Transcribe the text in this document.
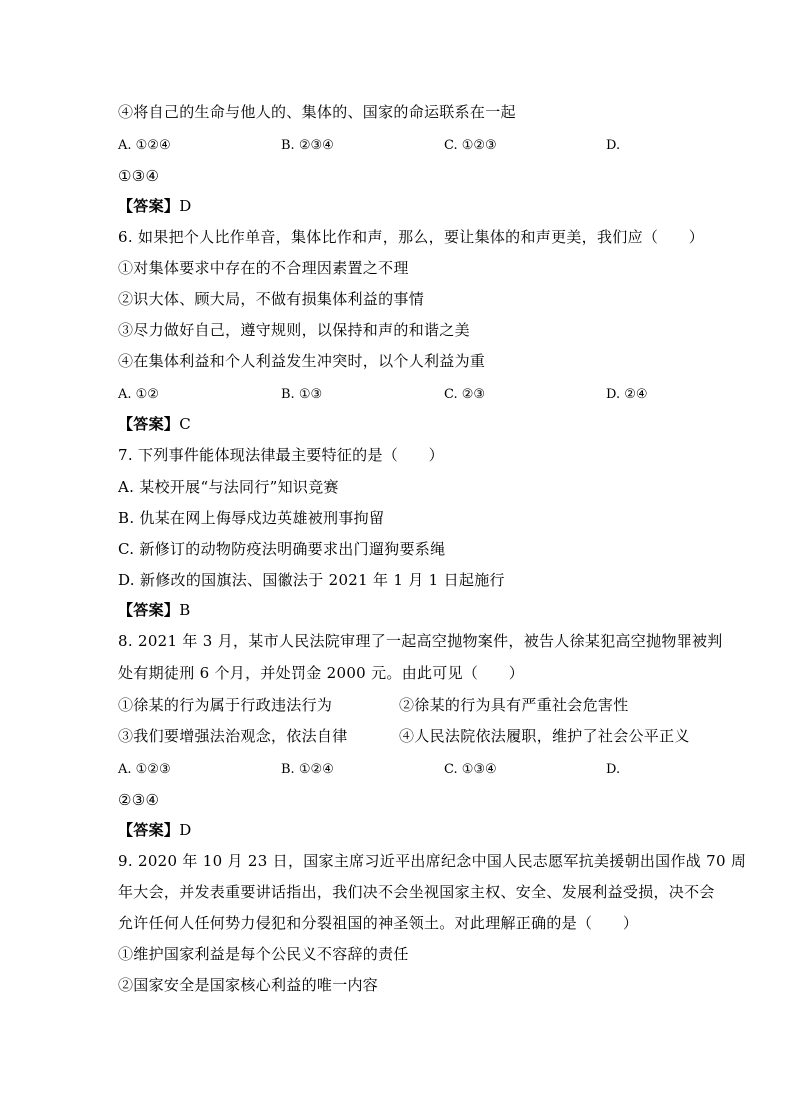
④将自己的生命与他人的、集体的、国家的命运联系在一起
A. ①②④	B. ②③④	C. ①②③	D.
①③④
【答案】D
6. 如果把个人比作单音，集体比作和声，那么，要让集体的和声更美，我们应（　　）
①对集体要求中存在的不合理因素置之不理
②识大体、顾大局，不做有损集体利益的事情
③尽力做好自己，遵守规则，以保持和声的和谐之美
④在集体利益和个人利益发生冲突时，以个人利益为重
A. ①②	B. ①③	C. ②③	D. ②④
【答案】C
7. 下列事件能体现法律最主要特征的是（　　）
A. 某校开展“与法同行”知识竞赛
B. 仇某在网上侮辱戍边英雄被刑事拘留
C. 新修订的动物防疫法明确要求出门遛狗要系绳
D. 新修改的国旗法、国徽法于 2021 年 1 月 1 日起施行
【答案】B
8. 2021 年 3 月，某市人民法院审理了一起高空抛物案件，被告人徐某犯高空抛物罪被判
处有期徒刑 6 个月，并处罚金 2000 元。由此可见（　　）
①徐某的行为属于行政违法行为	②徐某的行为具有严重社会危害性
③我们要增强法治观念，依法自律	④人民法院依法履职，维护了社会公平正义
A. ①②③	B. ①②④	C. ①③④	D.
②③④
【答案】D
9. 2020 年 10 月 23 日，国家主席习近平出席纪念中国人民志愿军抗美援朝出国作战 70 周
年大会，并发表重要讲话指出，我们决不会坐视国家主权、安全、发展利益受损，决不会
允许任何人任何势力侵犯和分裂祖国的神圣领土。对此理解正确的是（　　）
①维护国家利益是每个公民义不容辞的责任
②国家安全是国家核心利益的唯一内容
